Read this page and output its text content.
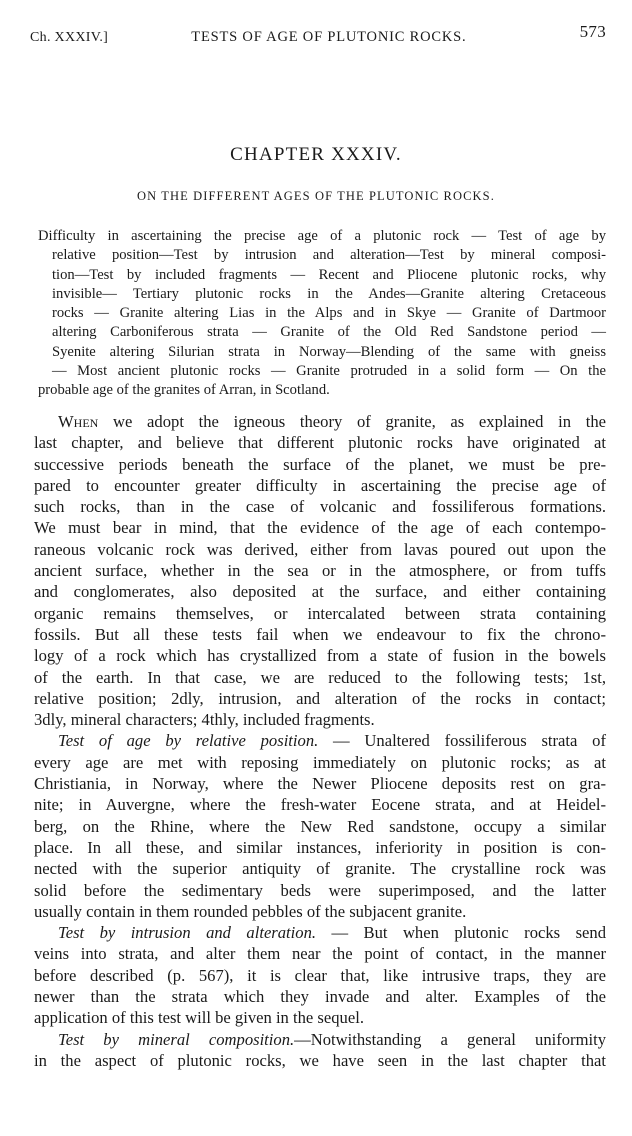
Ch. XXXIV.]	TESTS OF AGE OF PLUTONIC ROCKS.	573
CHAPTER XXXIV.
ON THE DIFFERENT AGES OF THE PLUTONIC ROCKS.
Difficulty in ascertaining the precise age of a plutonic rock — Test of age by
relative position—Test by intrusion and alteration—Test by mineral composi-
tion—Test by included fragments — Recent and Pliocene plutonic rocks, why
invisible— Tertiary plutonic rocks in the Andes—Granite altering Cretaceous
rocks — Granite altering Lias in the Alps and in Skye — Granite of Dartmoor
altering Carboniferous strata — Granite of the Old Red Sandstone period —
Syenite altering Silurian strata in Norway—Blending of the same with gneiss
— Most ancient plutonic rocks — Granite protruded in a solid form — On the
probable age of the granites of Arran, in Scotland.
When we adopt the igneous theory of granite, as explained in the
last chapter, and believe that different plutonic rocks have originated at
successive periods beneath the surface of the planet, we must be pre-
pared to encounter greater difficulty in ascertaining the precise age of
such rocks, than in the case of volcanic and fossiliferous formations.
We must bear in mind, that the evidence of the age of each contempo-
raneous volcanic rock was derived, either from lavas poured out upon the
ancient surface, whether in the sea or in the atmosphere, or from tuffs
and conglomerates, also deposited at the surface, and either containing
organic remains themselves, or intercalated between strata containing
fossils. But all these tests fail when we endeavour to fix the chrono-
logy of a rock which has crystallized from a state of fusion in the bowels
of the earth. In that case, we are reduced to the following tests; 1st,
relative position; 2dly, intrusion, and alteration of the rocks in contact;
3dly, mineral characters; 4thly, included fragments.
Test of age by relative position. — Unaltered fossiliferous strata of
every age are met with reposing immediately on plutonic rocks; as at
Christiania, in Norway, where the Newer Pliocene deposits rest on gra-
nite; in Auvergne, where the fresh-water Eocene strata, and at Heidel-
berg, on the Rhine, where the New Red sandstone, occupy a similar
place. In all these, and similar instances, inferiority in position is con-
nected with the superior antiquity of granite. The crystalline rock was
solid before the sedimentary beds were superimposed, and the latter
usually contain in them rounded pebbles of the subjacent granite.
Test by intrusion and alteration. — But when plutonic rocks send
veins into strata, and alter them near the point of contact, in the manner
before described (p. 567), it is clear that, like intrusive traps, they are
newer than the strata which they invade and alter. Examples of the
application of this test will be given in the sequel.
Test by mineral composition.—Notwithstanding a general uniformity
in the aspect of plutonic rocks, we have seen in the last chapter that
